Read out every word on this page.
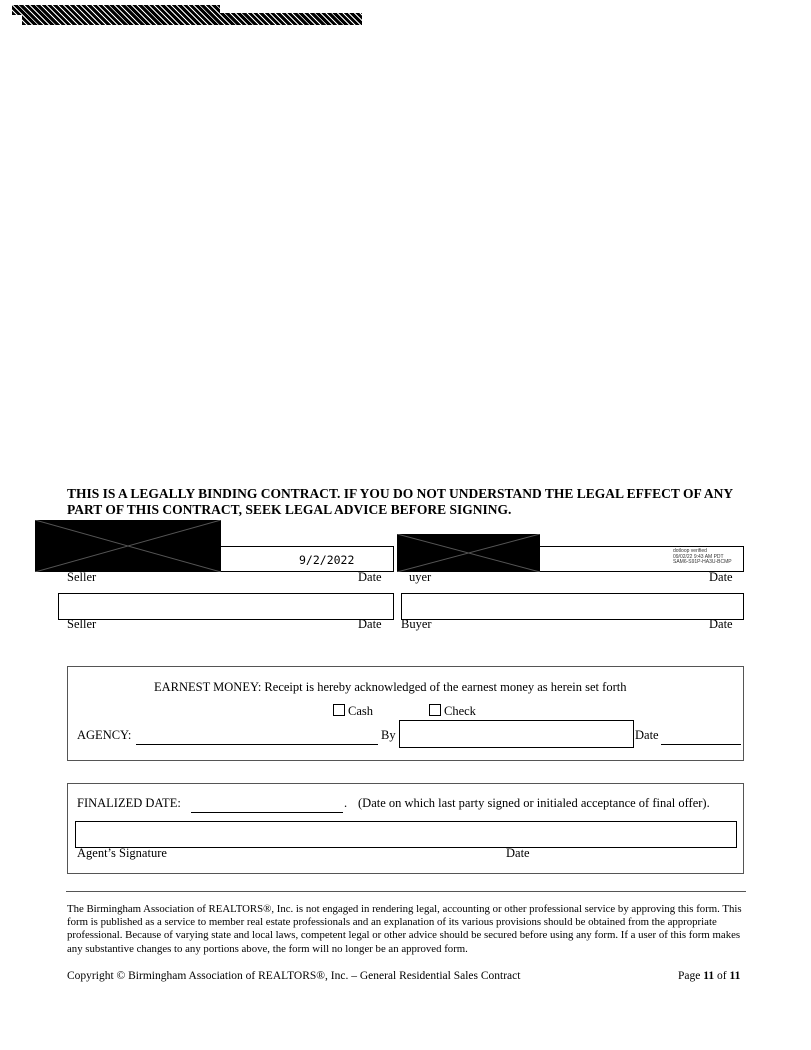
THIS IS A LEGALLY BINDING CONTRACT. IF YOU DO NOT UNDERSTAND THE LEGAL EFFECT OF ANY PART OF THIS CONTRACT, SEEK LEGAL ADVICE BEFORE SIGNING.
9/2/2022
Seller	Date
dotloop verified
09/02/22 9:43 AM PDT
SAM6-S91P-HA3U-BCMP
uyer	Date
Seller	Date Buyer	Date
EARNEST MONEY: Receipt is hereby acknowledged of the earnest money as herein set forth
Cash	Check
AGENCY:	By	Date
FINALIZED DATE:	. (Date on which last party signed or initialed acceptance of final offer).
Agent’s Signature	Date
The Birmingham Association of REALTORS®, Inc. is not engaged in rendering legal, accounting or other professional service by approving this form. This form is published as a service to member real estate professionals and an explanation of its various provisions should be obtained from the appropriate professional. Because of varying state and local laws, competent legal or other advice should be secured before using any form. If a user of this form makes any substantive changes to any portions above, the form will no longer be an approved form.
Copyright © Birmingham Association of REALTORS®, Inc. – General Residential Sales Contract	Page 11 of 11
